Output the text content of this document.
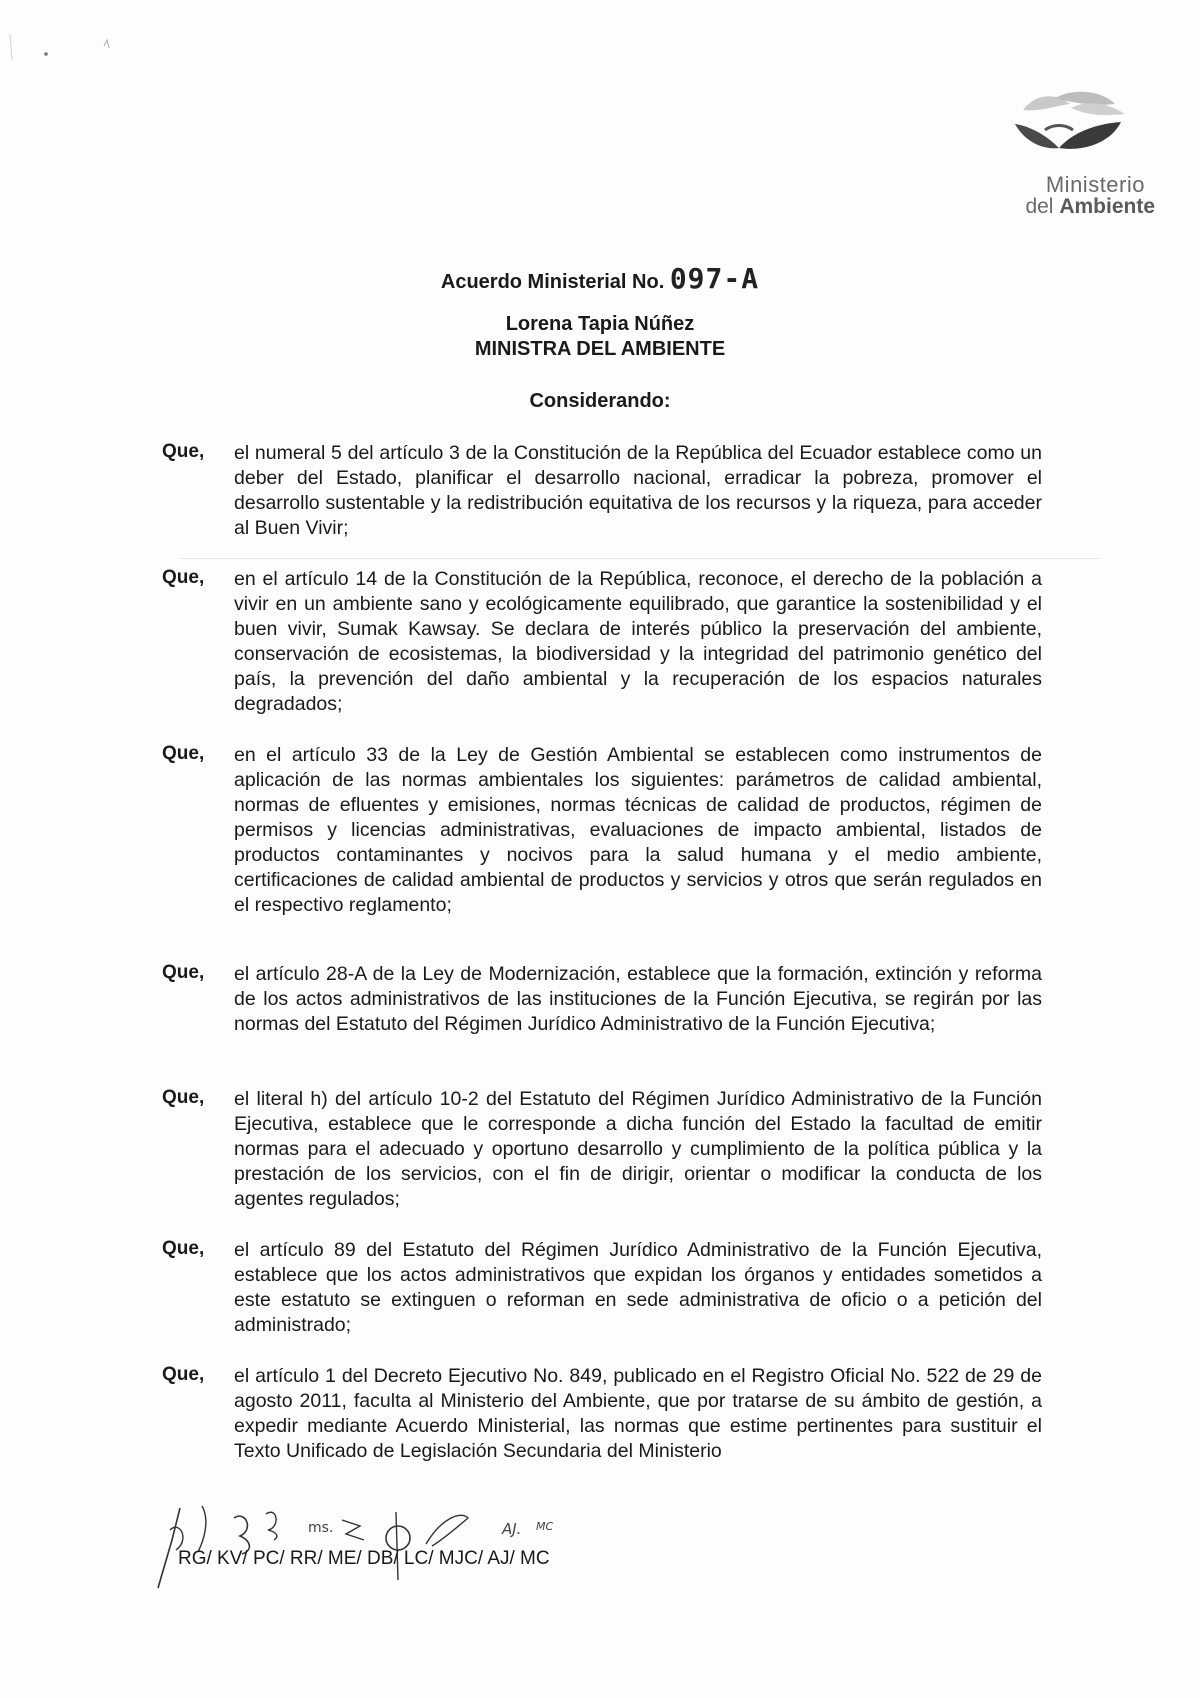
Ministerio
del Ambiente
Acuerdo Ministerial No. 097-A
Lorena Tapia Núñez
MINISTRA DEL AMBIENTE
Considerando:
Que, el numeral 5 del artículo 3 de la Constitución de la República del Ecuador establece como un deber del Estado, planificar el desarrollo nacional, erradicar la pobreza, promover el desarrollo sustentable y la redistribución equitativa de los recursos y la riqueza, para acceder al Buen Vivir;
Que, en el artículo 14 de la Constitución de la República, reconoce, el derecho de la población a vivir en un ambiente sano y ecológicamente equilibrado, que garantice la sostenibilidad y el buen vivir, Sumak Kawsay. Se declara de interés público la preservación del ambiente, conservación de ecosistemas, la biodiversidad y la integridad del patrimonio genético del país, la prevención del daño ambiental y la recuperación de los espacios naturales degradados;
Que, en el artículo 33 de la Ley de Gestión Ambiental se establecen como instrumentos de aplicación de las normas ambientales los siguientes: parámetros de calidad ambiental, normas de efluentes y emisiones, normas técnicas de calidad de productos, régimen de permisos y licencias administrativas, evaluaciones de impacto ambiental, listados de productos contaminantes y nocivos para la salud humana y el medio ambiente, certificaciones de calidad ambiental de productos y servicios y otros que serán regulados en el respectivo reglamento;
Que, el artículo 28-A de la Ley de Modernización, establece que la formación, extinción y reforma de los actos administrativos de las instituciones de la Función Ejecutiva, se regirán por las normas del Estatuto del Régimen Jurídico Administrativo de la Función Ejecutiva;
Que, el literal h) del artículo 10-2 del Estatuto del Régimen Jurídico Administrativo de la Función Ejecutiva, establece que le corresponde a dicha función del Estado la facultad de emitir normas para el adecuado y oportuno desarrollo y cumplimiento de la política pública y la prestación de los servicios, con el fin de dirigir, orientar o modificar la conducta de los agentes regulados;
Que, el artículo 89 del Estatuto del Régimen Jurídico Administrativo de la Función Ejecutiva, establece que los actos administrativos que expidan los órganos y entidades sometidos a este estatuto se extinguen o reforman en sede administrativa de oficio o a petición del administrado;
Que, el artículo 1 del Decreto Ejecutivo No. 849, publicado en el Registro Oficial No. 522 de 29 de agosto 2011, faculta al Ministerio del Ambiente, que por tratarse de su ámbito de gestión, a expedir mediante Acuerdo Ministerial, las normas que estime pertinentes para sustituir el Texto Unificado de Legislación Secundaria del Ministerio
ms.	AJ. MC
RG/ KV/ PC/ RR/ ME/ DB/ LC/ MJC/ AJ/ MC
